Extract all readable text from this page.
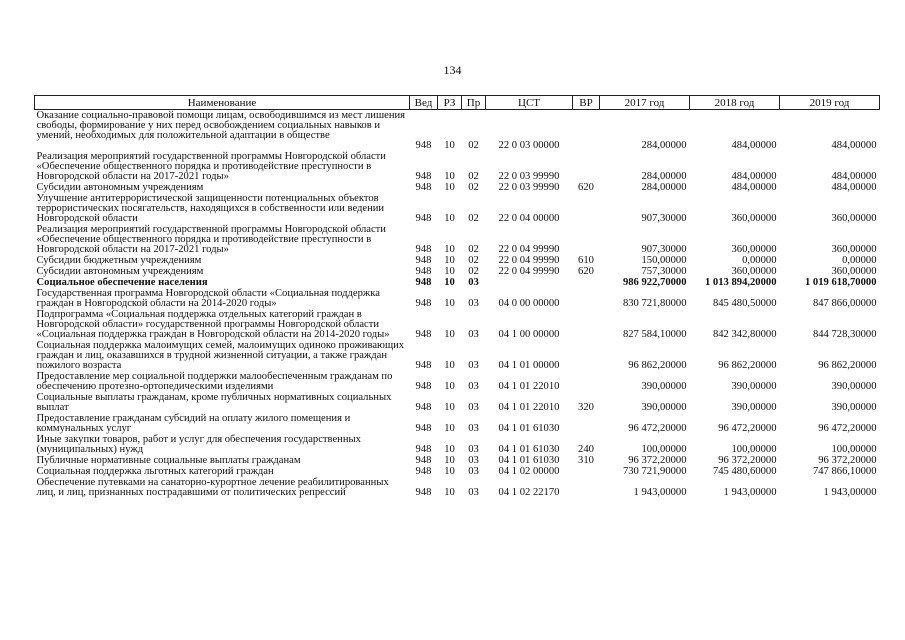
134
Наименование	Вед	РЗ	Пр	ЦСТ	ВР	2017 год	2018 год	2019 год
Оказание социально-правовой помощи лицам, освободившимся из мест лишения свободы, формирование у них перед освобождением социальных навыков и умений, необходимых для положительной адаптации в обществе								
	948	10	02	22 0 03 00000		284,00000	484,00000	484,00000
Реализация мероприятий государственной программы Новгородской области «Обеспечение общественного порядка и противодействие преступности в Новгородской области на 2017-2021 годы»	948	10	02	22 0 03 99990		284,00000	484,00000	484,00000
Субсидии автономным учреждениям	948	10	02	22 0 03 99990	620	284,00000	484,00000	484,00000
Улучшение антитеррористической защищенности потенциальных объектов террористических посягательств, находящихся в собственности или ведении Новгородской области	948	10	02	22 0 04 00000		907,30000	360,00000	360,00000
Реализация мероприятий государственной программы Новгородской области «Обеспечение общественного порядка и противодействие преступности в Новгородской области на 2017-2021 годы»	948	10	02	22 0 04 99990		907,30000	360,00000	360,00000
Субсидии бюджетным учреждениям	948	10	02	22 0 04 99990	610	150,00000	0,00000	0,00000
Субсидии автономным учреждениям	948	10	02	22 0 04 99990	620	757,30000	360,00000	360,00000
Социальное обеспечение населения	948	10	03			986 922,70000	1 013 894,20000	1 019 618,70000
Государственная программа Новгородской области «Социальная поддержка граждан в Новгородской области на 2014-2020 годы»	948	10	03	04 0 00 00000		830 721,80000	845 480,50000	847 866,00000
Подпрограмма «Социальная поддержка отдельных категорий граждан в Новгородской области» государственной программы Новгородской области «Социальная поддержка граждан в Новгородской области на 2014-2020 годы»	948	10	03	04 1 00 00000		827 584,10000	842 342,80000	844 728,30000
Социальная поддержка малоимущих семей, малоимущих одиноко проживающих граждан и лиц, оказавшихся в трудной жизненной ситуации, а также граждан пожилого возраста	948	10	03	04 1 01 00000		96 862,20000	96 862,20000	96 862,20000
Предоставление мер социальной поддержки малообеспеченным гражданам по обеспечению протезно-ортопедическими изделиями	948	10	03	04 1 01 22010		390,00000	390,00000	390,00000
Социальные выплаты гражданам, кроме публичных нормативных социальных выплат	948	10	03	04 1 01 22010	320	390,00000	390,00000	390,00000
Предоставление гражданам субсидий на оплату жилого помещения и коммунальных услуг	948	10	03	04 1 01 61030		96 472,20000	96 472,20000	96 472,20000
Иные закупки товаров, работ и услуг для обеспечения государственных (муниципальных) нужд	948	10	03	04 1 01 61030	240	100,00000	100,00000	100,00000
Публичные нормативные социальные выплаты гражданам	948	10	03	04 1 01 61030	310	96 372,20000	96 372,20000	96 372,20000
Социальная поддержка льготных категорий граждан	948	10	03	04 1 02 00000		730 721,90000	745 480,60000	747 866,10000
Обеспечение путевками на санаторно-курортное лечение реабилитированных лиц, и лиц, признанных пострадавшими от политических репрессий	948	10	03	04 1 02 22170		1 943,00000	1 943,00000	1 943,00000
